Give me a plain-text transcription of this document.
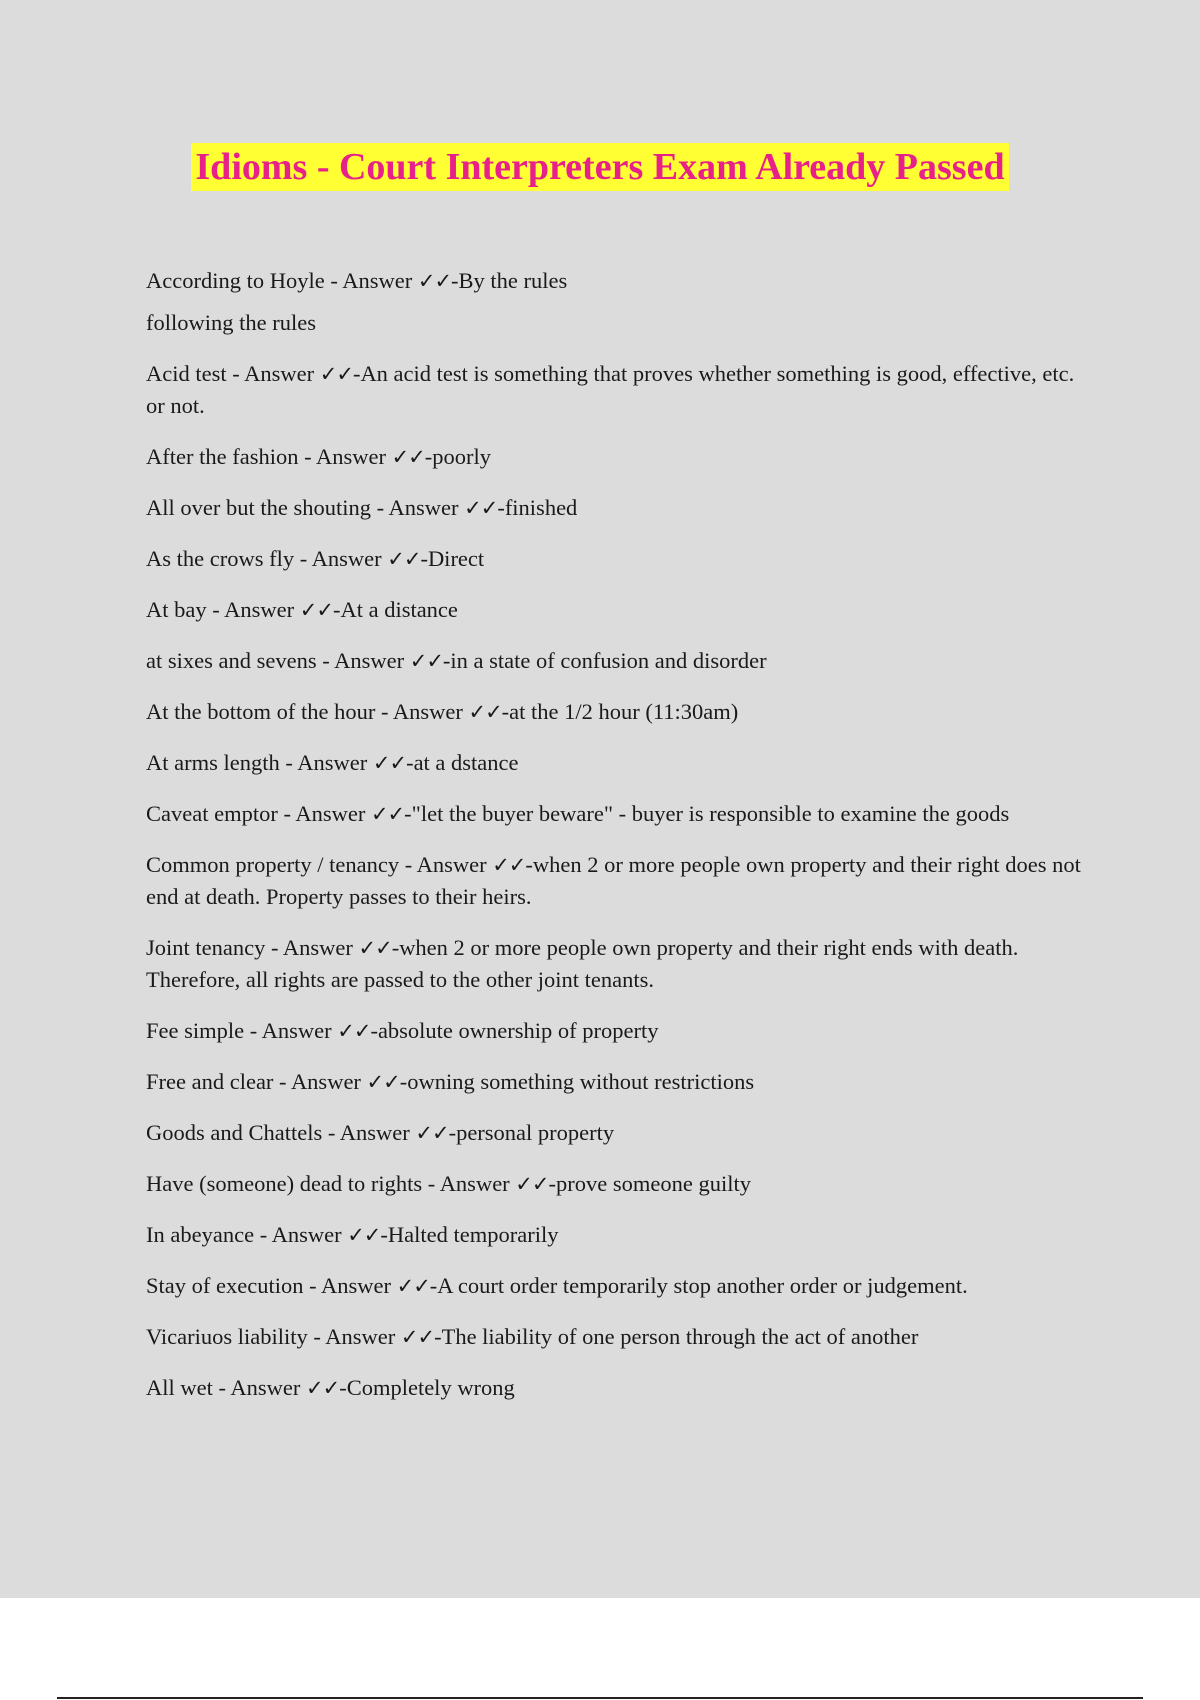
Idioms - Court Interpreters Exam Already Passed
According to Hoyle - Answer ✓✓-By the rules
following the rules
Acid test - Answer ✓✓-An acid test is something that proves whether something is good, effective, etc. or not.
After the fashion - Answer ✓✓-poorly
All over but the shouting - Answer ✓✓-finished
As the crows fly - Answer ✓✓-Direct
At bay - Answer ✓✓-At a distance
at sixes and sevens - Answer ✓✓-in a state of confusion and disorder
At the bottom of the hour - Answer ✓✓-at the 1/2 hour (11:30am)
At arms length - Answer ✓✓-at a dstance
Caveat emptor - Answer ✓✓-"let the buyer beware" - buyer is responsible to examine the goods
Common property / tenancy - Answer ✓✓-when 2 or more people own property and their right does not end at death. Property passes to their heirs.
Joint tenancy - Answer ✓✓-when 2 or more people own property and their right ends with death. Therefore, all rights are passed to the other joint tenants.
Fee simple - Answer ✓✓-absolute ownership of property
Free and clear - Answer ✓✓-owning something without restrictions
Goods and Chattels - Answer ✓✓-personal property
Have (someone) dead to rights - Answer ✓✓-prove someone guilty
In abeyance - Answer ✓✓-Halted temporarily
Stay of execution - Answer ✓✓-A court order temporarily stop another order or judgement.
Vicariuos liability - Answer ✓✓-The liability of one person through the act of another
All wet - Answer ✓✓-Completely wrong
